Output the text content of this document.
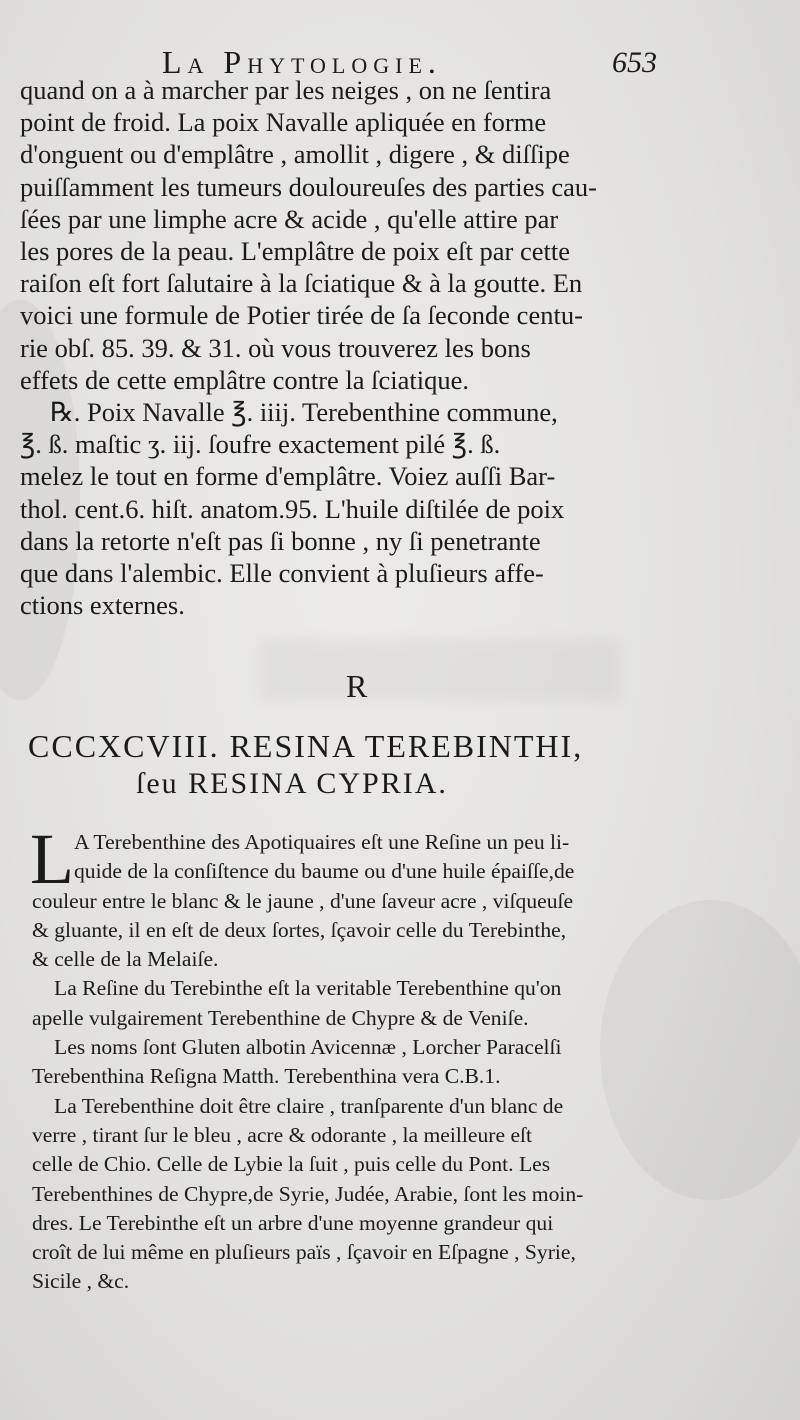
La Phytologie.	653
quand on a à marcher par les neiges , on ne ſentira
point de froid. La poix Navalle apliquée en forme
d'onguent ou d'emplâtre , amollit , digere , & diſſipe
puiſſamment les tumeurs douloureuſes des parties cau-
ſées par une limphe acre & acide , qu'elle attire par
les pores de la peau. L'emplâtre de poix eſt par cette
raiſon eſt fort ſalutaire à la ſciatique & à la goutte. En
voici une formule de Potier tirée de ſa ſeconde centu-
rie obſ. 85. 39. & 31. où vous trouverez les bons
effets de cette emplâtre contre la ſciatique.
℞. Poix Navalle ℥. iiij. Terebenthine commune,
℥. ß. maſtic ʒ. iij. ſoufre exactement pilé ℥. ß.
melez le tout en forme d'emplâtre. Voiez auſſi Bar-
thol. cent.6. hiſt. anatom.95. L'huile diſtilée de poix
dans la retorte n'eſt pas ſi bonne , ny ſi penetrante
que dans l'alembic. Elle convient à pluſieurs affe-
ctions externes.
R
CCCXCVIII. RESINA TEREBINTHI,
ſeu RESINA CYPRIA.
L A Terebenthine des Apotiquaires eſt une Reſine un peu li-
quide de la conſiſtence du baume ou d'une huile épaiſſe,de
couleur entre le blanc & le jaune , d'une ſaveur acre , viſqueuſe
& gluante, il en eſt de deux ſortes, ſçavoir celle du Terebinthe,
& celle de la Melaiſe.
La Reſine du Terebinthe eſt la veritable Terebenthine qu'on
apelle vulgairement Terebenthine de Chypre & de Veniſe.
Les noms ſont Gluten albotin Avicennæ , Lorcher Paracelſi
Terebenthina Reſigna Matth. Terebenthina vera C.B.1.
La Terebenthine doit être claire , tranſparente d'un blanc de
verre , tirant ſur le bleu , acre & odorante , la meilleure eſt
celle de Chio. Celle de Lybie la ſuit , puis celle du Pont. Les
Terebenthines de Chypre,de Syrie, Judée, Arabie, ſont les moin-
dres. Le Terebinthe eſt un arbre d'une moyenne grandeur qui
croît de lui même en pluſieurs païs , ſçavoir en Eſpagne , Syrie,
Sicile , &c.
